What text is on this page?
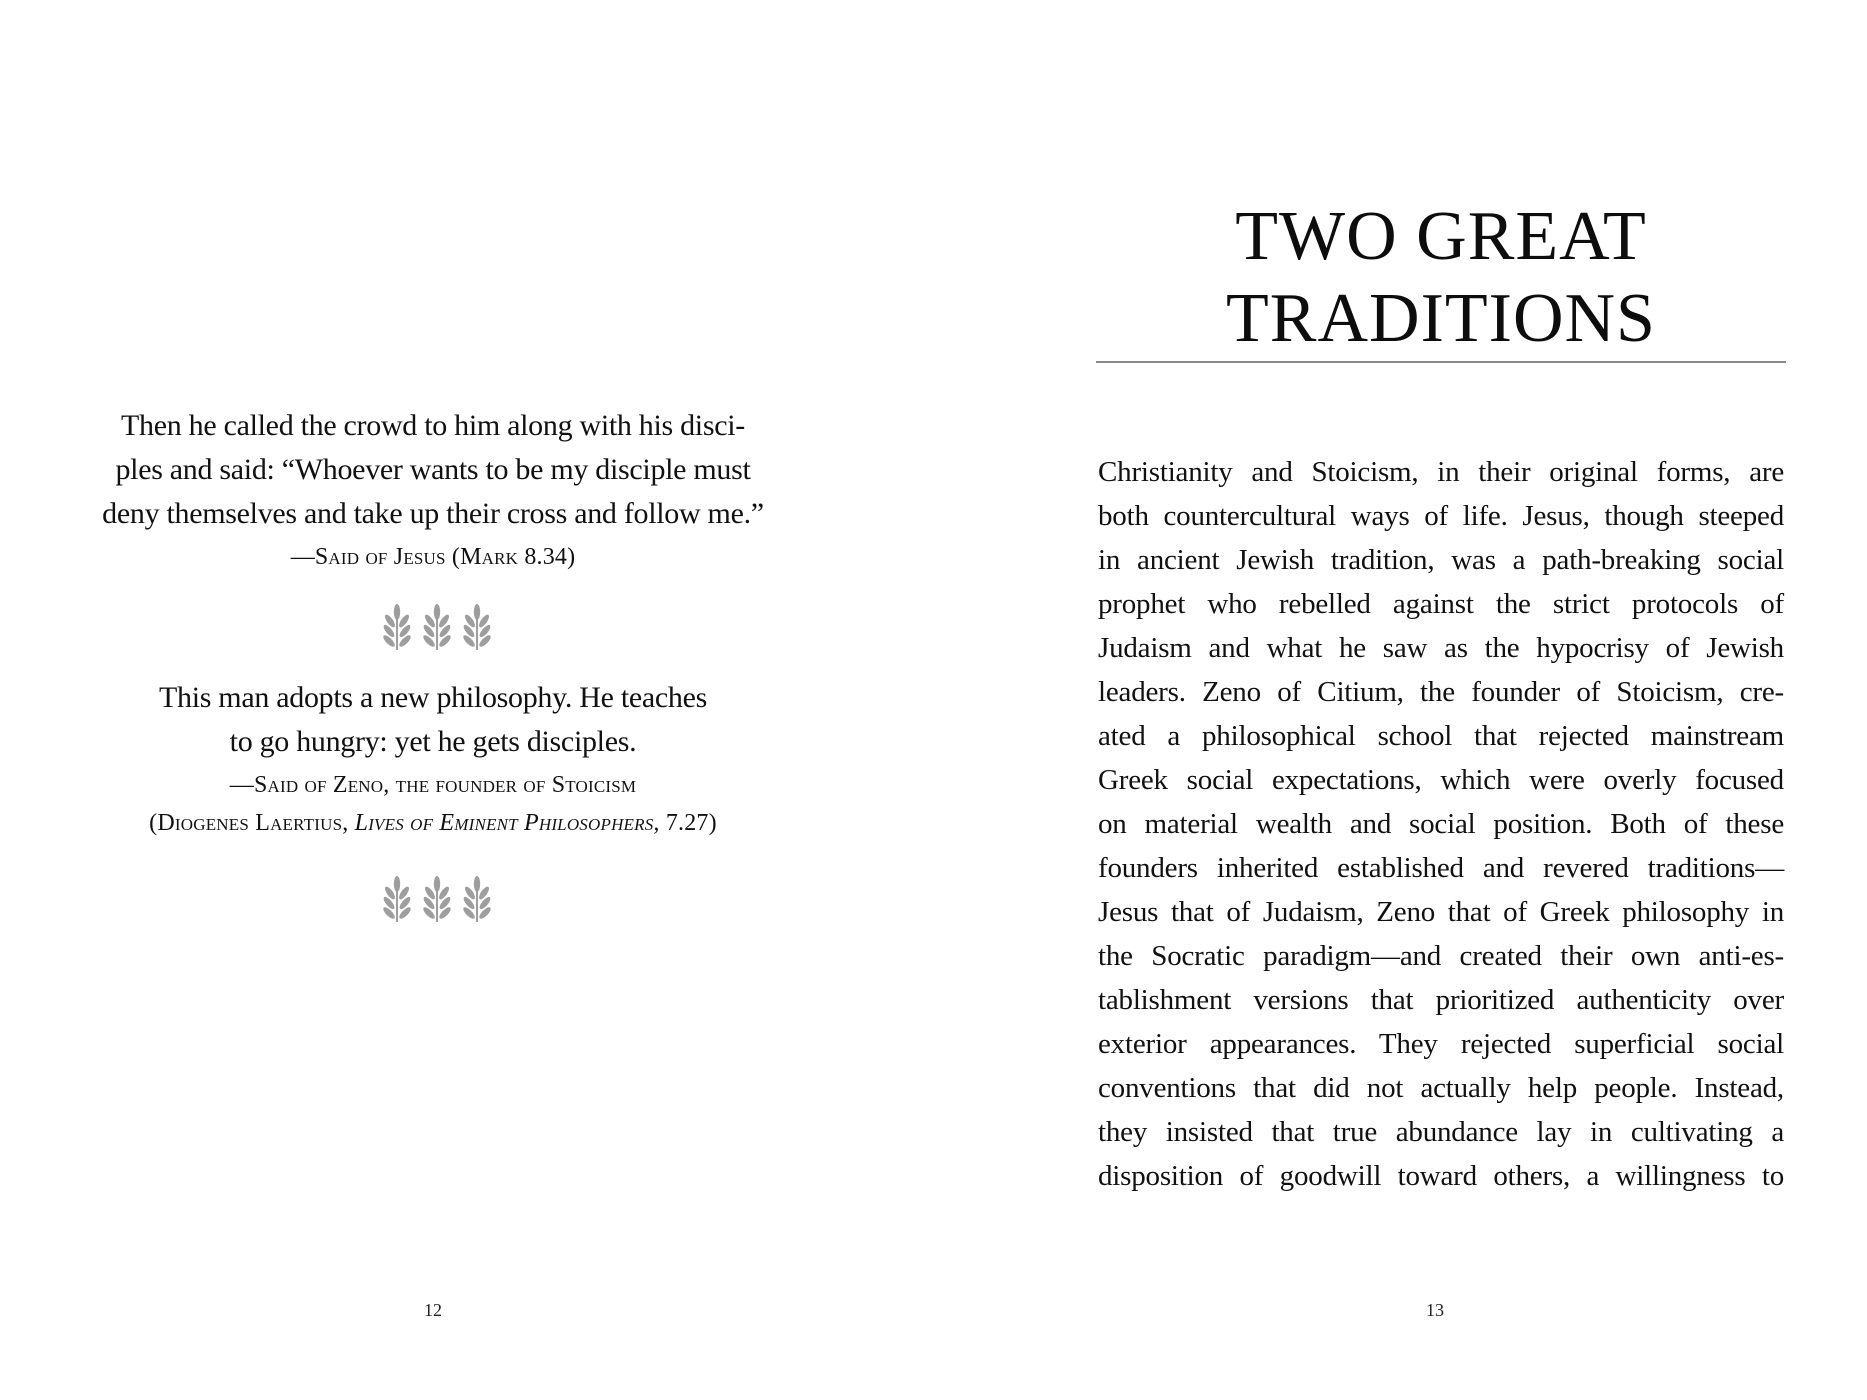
Then he called the crowd to him along with his disci-
ples and said: “Whoever wants to be my disciple must
deny themselves and take up their cross and follow me.”
—Said of Jesus (Mark 8.34)
This man adopts a new philosophy. He teaches
to go hungry: yet he gets disciples.
—Said of Zeno, the founder of Stoicism
(Diogenes Laertius, Lives of Eminent Philosophers, 7.27)
12
TWO GREAT
TRADITIONS
Christianity and Stoicism, in their original forms, are
both countercultural ways of life. Jesus, though steeped
in ancient Jewish tradition, was a path-breaking social
prophet who rebelled against the strict protocols of
Judaism and what he saw as the hypocrisy of Jewish
leaders. Zeno of Citium, the founder of Stoicism, cre-
ated a philosophical school that rejected mainstream
Greek social expectations, which were overly focused
on material wealth and social position. Both of these
founders inherited established and revered traditions—
Jesus that of Judaism, Zeno that of Greek philosophy in
the Socratic paradigm—and created their own anti-es-
tablishment versions that prioritized authenticity over
exterior appearances. They rejected superficial social
conventions that did not actually help people. Instead,
they insisted that true abundance lay in cultivating a
disposition of goodwill toward others, a willingness to
13
